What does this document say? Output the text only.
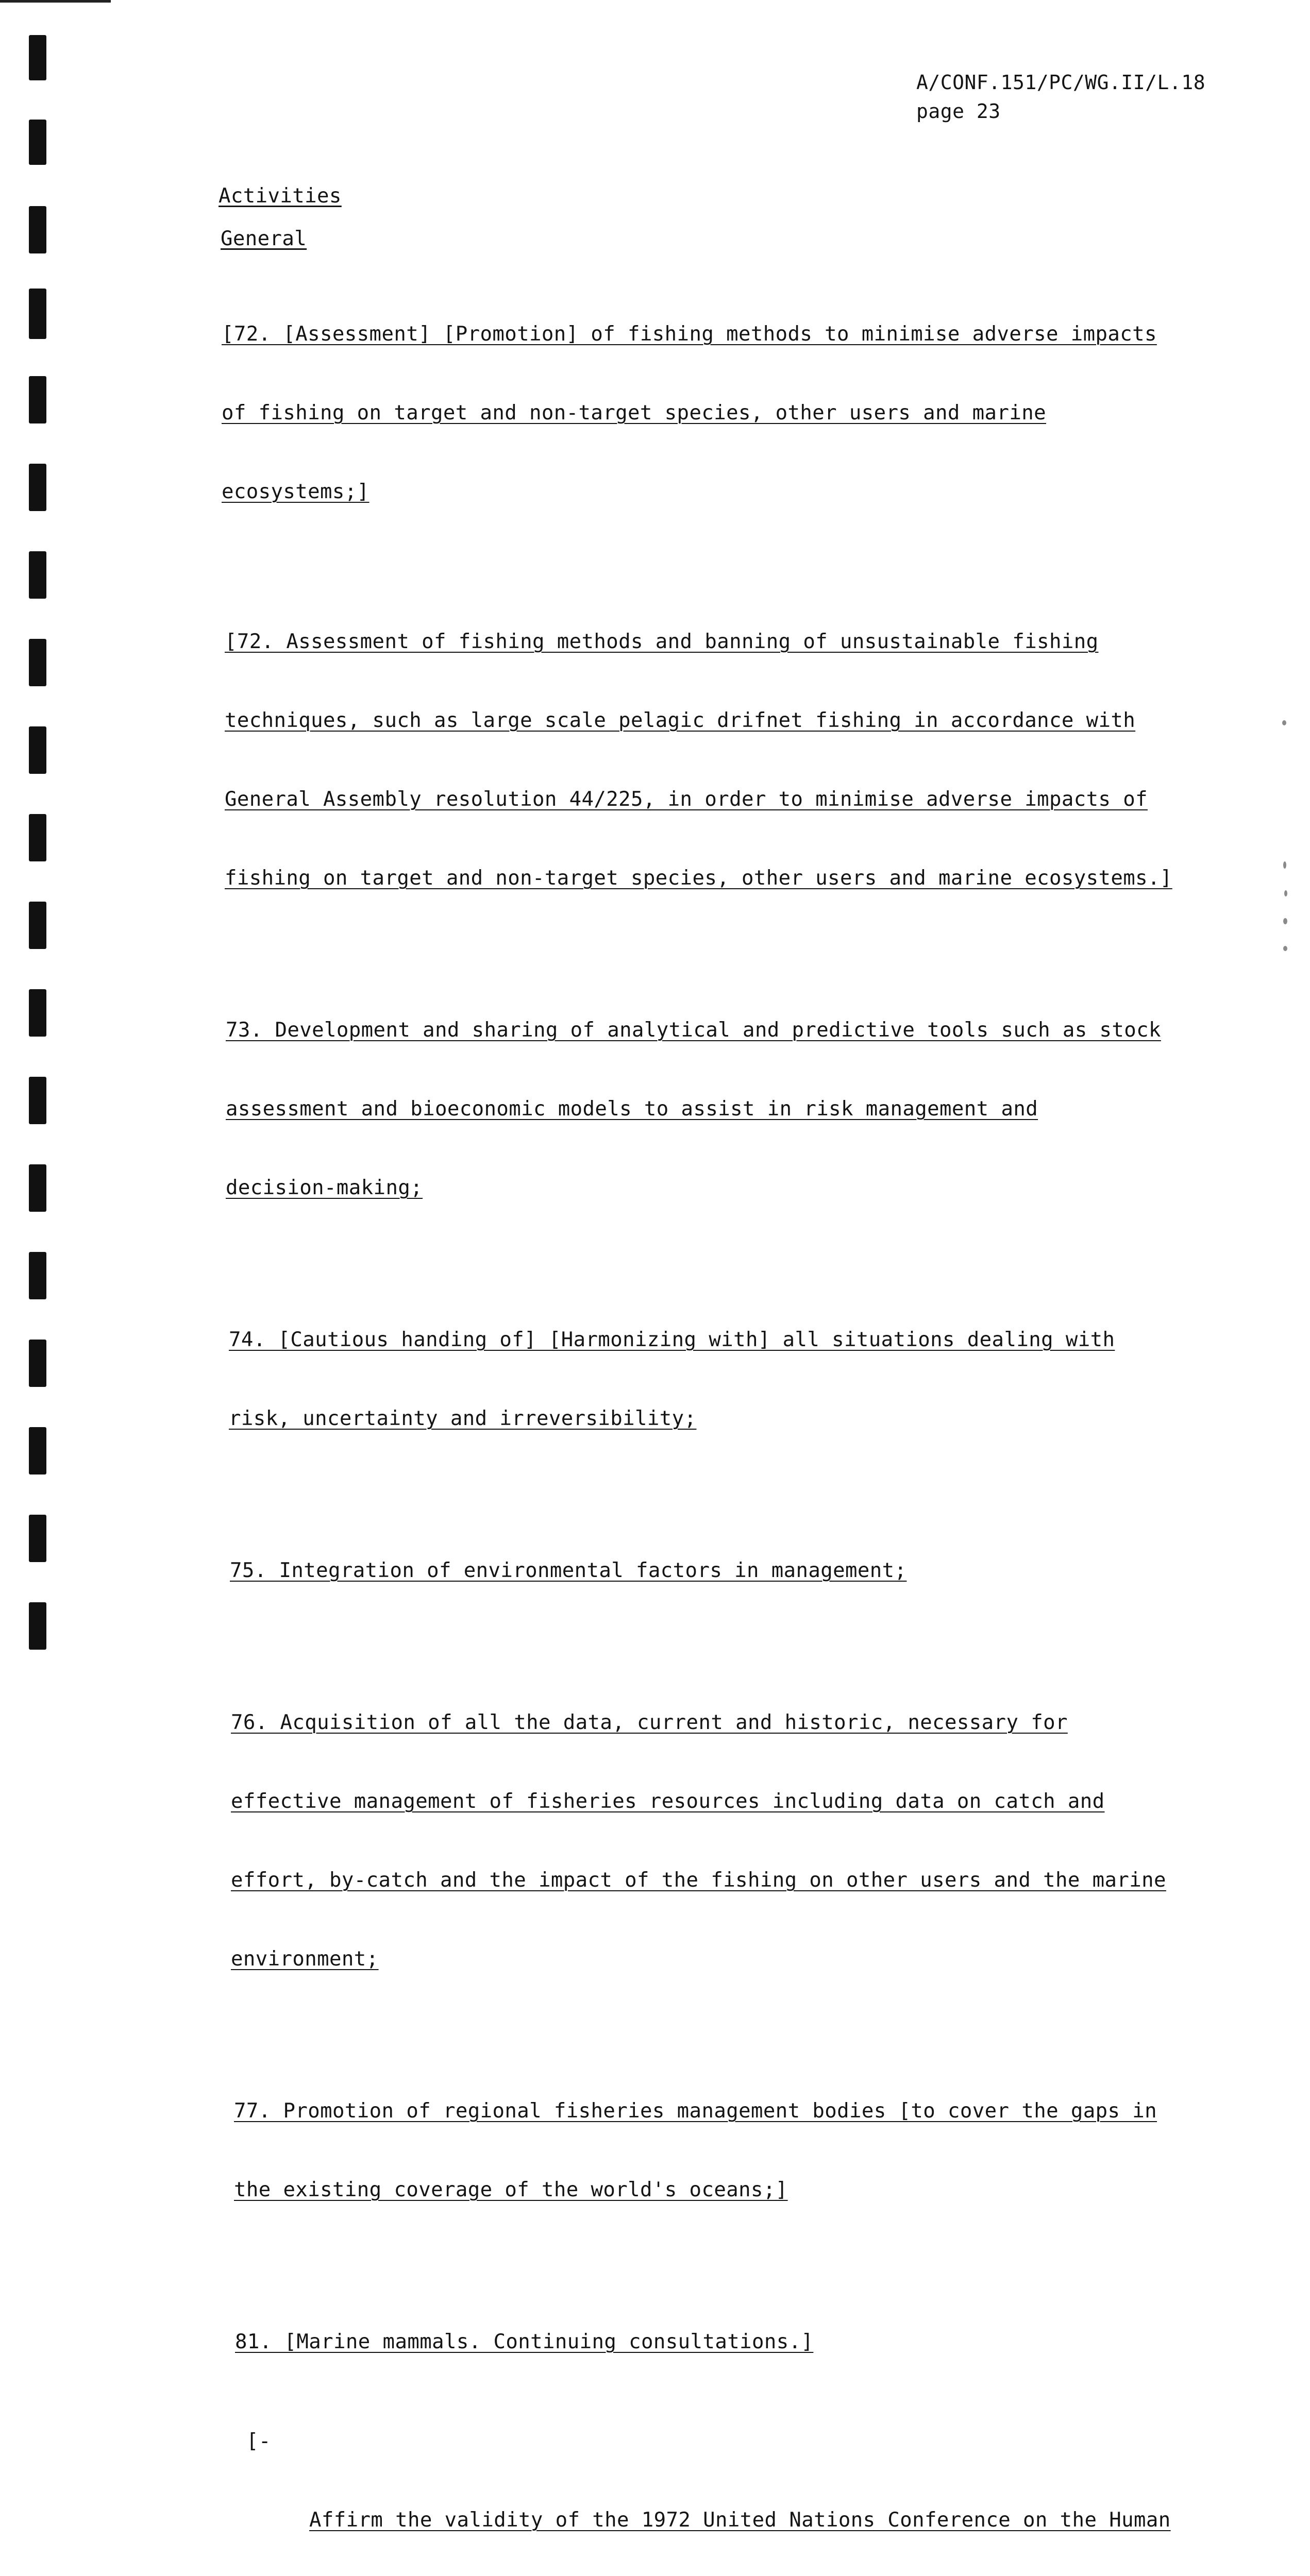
A/CONF.151/PC/WG.II/L.18
page 23
Activities
General

[72. [Assessment] [Promotion] of fishing methods to minimise adverse impacts

of fishing on target and non-target species, other users and marine

ecosystems;]

[72. Assessment of fishing methods and banning of unsustainable fishing

techniques, such as large scale pelagic drifnet fishing in accordance with

General Assembly resolution 44/225, in order to minimise adverse impacts of

fishing on target and non-target species, other users and marine ecosystems.]

73. Development and sharing of analytical and predictive tools such as stock

assessment and bioeconomic models to assist in risk management and

decision-making;

74. [Cautious handing of] [Harmonizing with] all situations dealing with

risk, uncertainty and irreversibility;

75. Integration of environmental factors in management;

76. Acquisition of all the data, current and historic, necessary for

effective management of fisheries resources including data on catch and

effort, by-catch and the impact of the fishing on other users and the marine

environment;

77. Promotion of regional fisheries management bodies [to cover the gaps in

the existing coverage of the world's oceans;]

81. [Marine mammals. Continuing consultations.]

[-

Affirm the validity of the 1972 United Nations Conference on the Human
